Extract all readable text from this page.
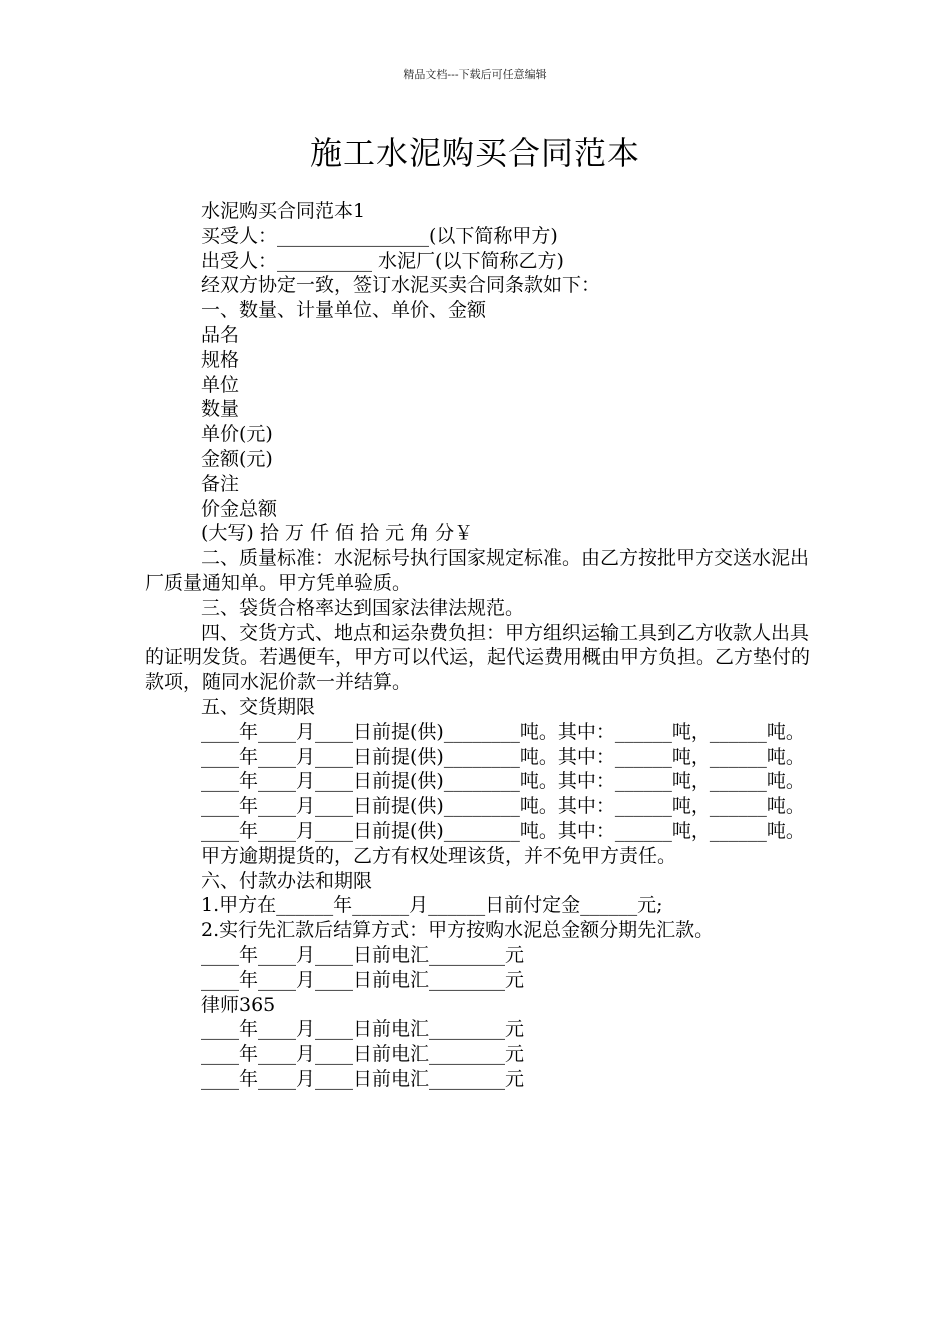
精品文档---下载后可任意编辑
施工水泥购买合同范本

水泥购买合同范本1

买受人：________________(以下简称甲方)

出受人：__________ 水泥厂(以下简称乙方)

经双方协定一致，签订水泥买卖合同条款如下：

一、数量、计量单位、单价、金额

品名

规格

单位

数量

单价(元)

金额(元)

备注

价金总额

(大写) 拾 万 仟 佰 拾 元 角 分￥

二、质量标准：水泥标号执行国家规定标准。由乙方按批甲方交送水泥出厂质量通知单。甲方凭单验质。

三、袋货合格率达到国家法律法规范。

四、交货方式、地点和运杂费负担：甲方组织运输工具到乙方收款人出具的证明发货。若遇便车，甲方可以代运，起代运费用概由甲方负担。乙方垫付的款项，随同水泥价款一并结算。

五、交货期限

____年____月____日前提(供)________吨。其中：______吨，______吨。

____年____月____日前提(供)________吨。其中：______吨，______吨。

____年____月____日前提(供)________吨。其中：______吨，______吨。

____年____月____日前提(供)________吨。其中：______吨，______吨。

____年____月____日前提(供)________吨。其中：______吨，______吨。

甲方逾期提货的，乙方有权处理该货，并不免甲方责任。

六、付款办法和期限

1.甲方在______年______月______日前付定金______元;

2.实行先汇款后结算方式：甲方按购水泥总金额分期先汇款。

____年____月____日前电汇________元

____年____月____日前电汇________元

律师365

____年____月____日前电汇________元

____年____月____日前电汇________元

____年____月____日前电汇________元
